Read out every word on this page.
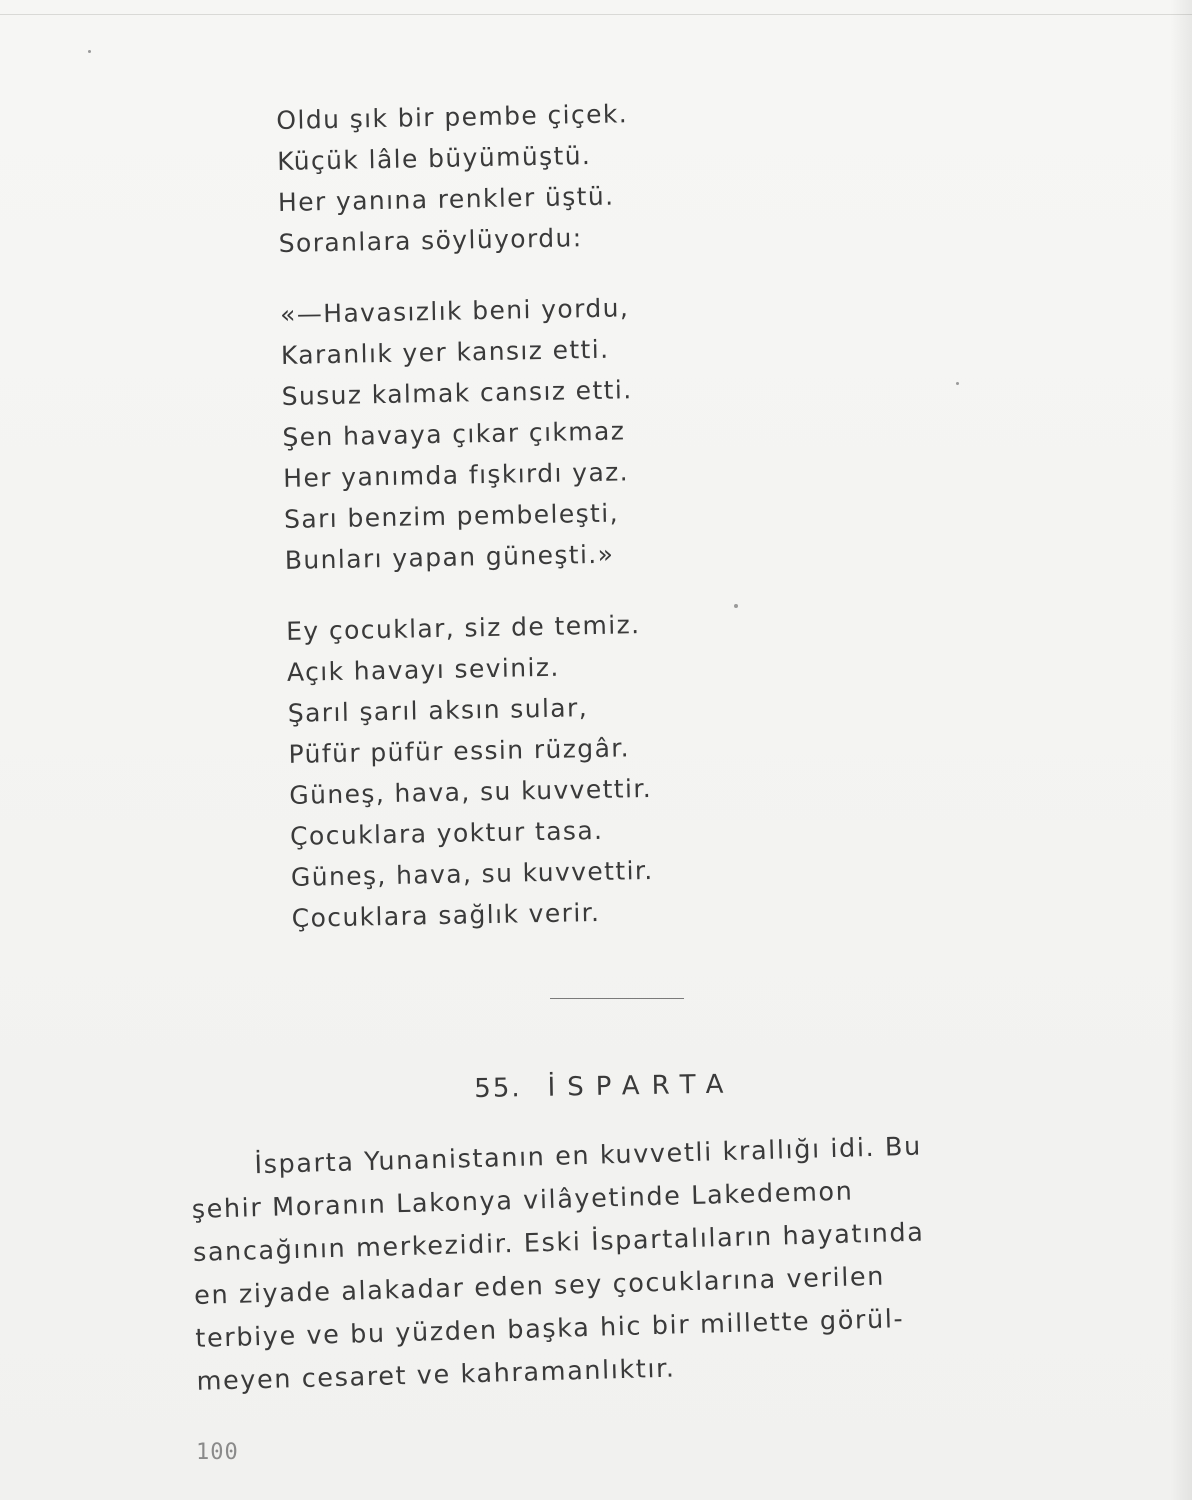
Oldu şık bir pembe çiçek.
Küçük lâle büyümüştü.
Her yanına renkler üştü.
Soranlara söylüyordu:
«—Havasızlık beni yordu,
Karanlık yer kansız etti.
Susuz kalmak cansız etti.
Şen havaya çıkar çıkmaz
Her yanımda fışkırdı yaz.
Sarı benzim pembeleşti,
Bunları yapan güneşti.»
Ey çocuklar, siz de temiz.
Açık havayı seviniz.
Şarıl şarıl aksın sular,
Püfür püfür essin rüzgâr.
Güneş, hava, su kuvvettir.
Çocuklara yoktur tasa.
Güneş, hava, su kuvvettir.
Çocuklara sağlık verir.
55. İSPARTA
İsparta Yunanistanın en kuvvetli krallığı idi. Bu
şehir Moranın Lakonya vilâyetinde Lakedemon
sancağının merkezidir. Eski İspartalıların hayatında
en ziyade alakadar eden sey çocuklarına verilen
terbiye ve bu yüzden başka hic bir millette görül-
meyen cesaret ve kahramanlıktır.
100
